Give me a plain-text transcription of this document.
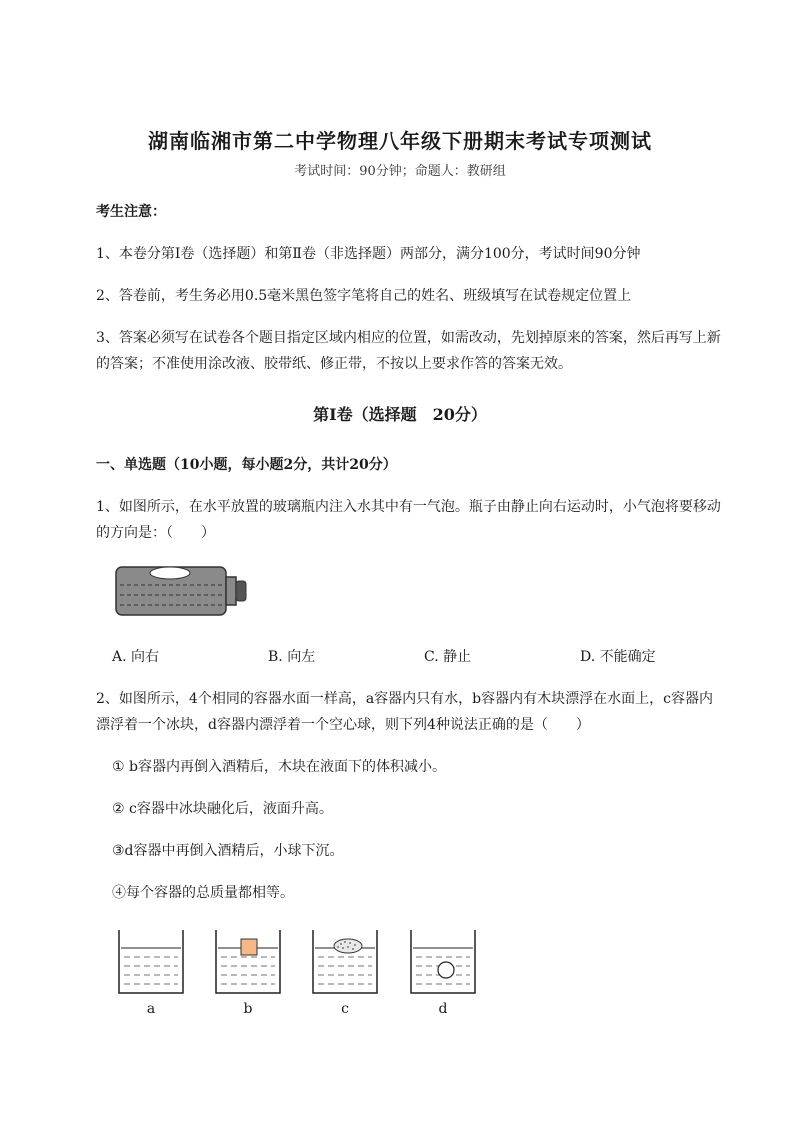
湖南临湘市第二中学物理八年级下册期末考试专项测试
考试时间：90分钟；命题人：教研组
考生注意：
1、本卷分第I卷（选择题）和第Ⅱ卷（非选择题）两部分，满分100分，考试时间90分钟
2、答卷前，考生务必用0.5毫米黑色签字笔将自己的姓名、班级填写在试卷规定位置上
3、答案必须写在试卷各个题目指定区域内相应的位置，如需改动，先划掉原来的答案，然后再写上新
的答案；不准使用涂改液、胶带纸、修正带，不按以上要求作答的答案无效。
第I卷（选择题　20分）
一、单选题（10小题，每小题2分，共计20分）
1、如图所示，在水平放置的玻璃瓶内注入水其中有一气泡。瓶子由静止向右运动时，小气泡将要移动
的方向是：（　　）
A. 向右	B. 向左	C. 静止	D. 不能确定
2、如图所示，4个相同的容器水面一样高，a容器内只有水，b容器内有木块漂浮在水面上，c容器内
漂浮着一个冰块，d容器内漂浮着一个空心球，则下列4种说法正确的是（　　）
① b容器内再倒入酒精后，木块在液面下的体积减小。
② c容器中冰块融化后，液面升高。
③d容器中再倒入酒精后，小球下沉。
④每个容器的总质量都相等。
a	b	c	d
